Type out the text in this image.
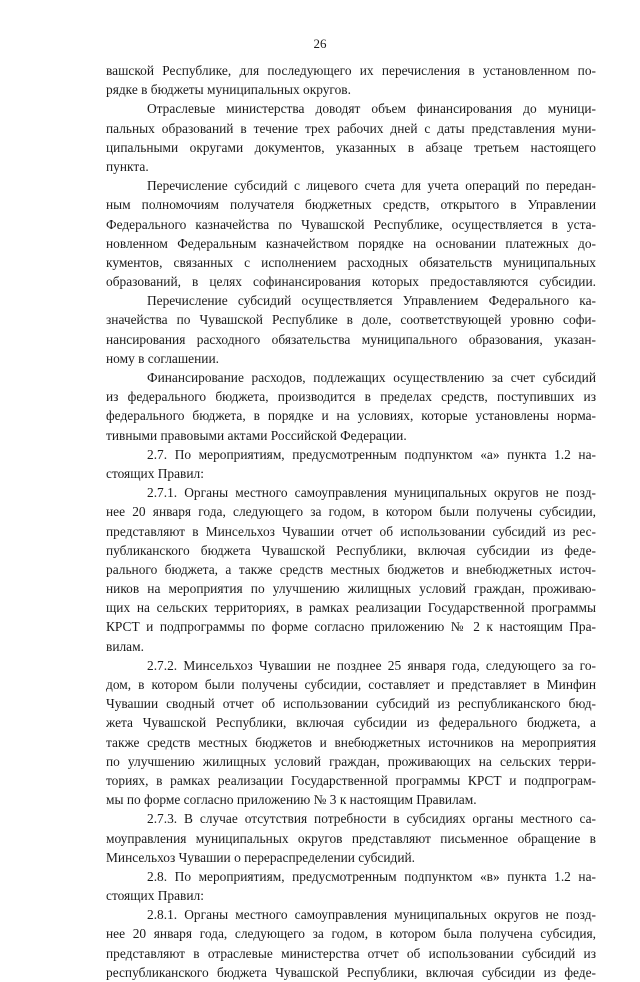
26
вашской Республике, для последующего их перечисления в установленном по-
рядке в бюджеты муниципальных округов.
Отраслевые министерства доводят объем финансирования до муници-
пальных образований в течение трех рабочих дней с даты представления муни-
ципальными округами документов, указанных в абзаце третьем настоящего
пункта.
Перечисление субсидий с лицевого счета для учета операций по передан-
ным полномочиям получателя бюджетных средств, открытого в Управлении
Федерального казначейства по Чувашской Республике, осуществляется в уста-
новленном Федеральным казначейством порядке на основании платежных до-
кументов, связанных с исполнением расходных обязательств муниципальных
образований, в целях софинансирования которых предоставляются субсидии.
Перечисление субсидий осуществляется Управлением Федерального ка-
значейства по Чувашской Республике в доле, соответствующей уровню софи-
нансирования расходного обязательства муниципального образования, указан-
ному в соглашении.
Финансирование расходов, подлежащих осуществлению за счет субсидий
из федерального бюджета, производится в пределах средств, поступивших из
федерального бюджета, в порядке и на условиях, которые установлены норма-
тивными правовыми актами Российской Федерации.
2.7. По мероприятиям, предусмотренным подпунктом «а» пункта 1.2 на-
стоящих Правил:
2.7.1. Органы местного самоуправления муниципальных округов не позд-
нее 20 января года, следующего за годом, в котором были получены субсидии,
представляют в Минсельхоз Чувашии отчет об использовании субсидий из рес-
публиканского бюджета Чувашской Республики, включая субсидии из феде-
рального бюджета, а также средств местных бюджетов и внебюджетных источ-
ников на мероприятия по улучшению жилищных условий граждан, проживаю-
щих на сельских территориях, в рамках реализации Государственной программы
КРСТ и подпрограммы по форме согласно приложению № 2 к настоящим Пра-
вилам.
2.7.2. Минсельхоз Чувашии не позднее 25 января года, следующего за го-
дом, в котором были получены субсидии, составляет и представляет в Минфин
Чувашии сводный отчет об использовании субсидий из республиканского бюд-
жета Чувашской Республики, включая субсидии из федерального бюджета, а
также средств местных бюджетов и внебюджетных источников на мероприятия
по улучшению жилищных условий граждан, проживающих на сельских терри-
ториях, в рамках реализации Государственной программы КРСТ и подпрограм-
мы по форме согласно приложению № 3 к настоящим Правилам.
2.7.3. В случае отсутствия потребности в субсидиях органы местного са-
моуправления муниципальных округов представляют письменное обращение в
Минсельхоз Чувашии о перераспределении субсидий.
2.8. По мероприятиям, предусмотренным подпунктом «в» пункта 1.2 на-
стоящих Правил:
2.8.1. Органы местного самоуправления муниципальных округов не позд-
нее 20 января года, следующего за годом, в котором была получена субсидия,
представляют в отраслевые министерства отчет об использовании субсидий из
республиканского бюджета Чувашской Республики, включая субсидии из феде-
